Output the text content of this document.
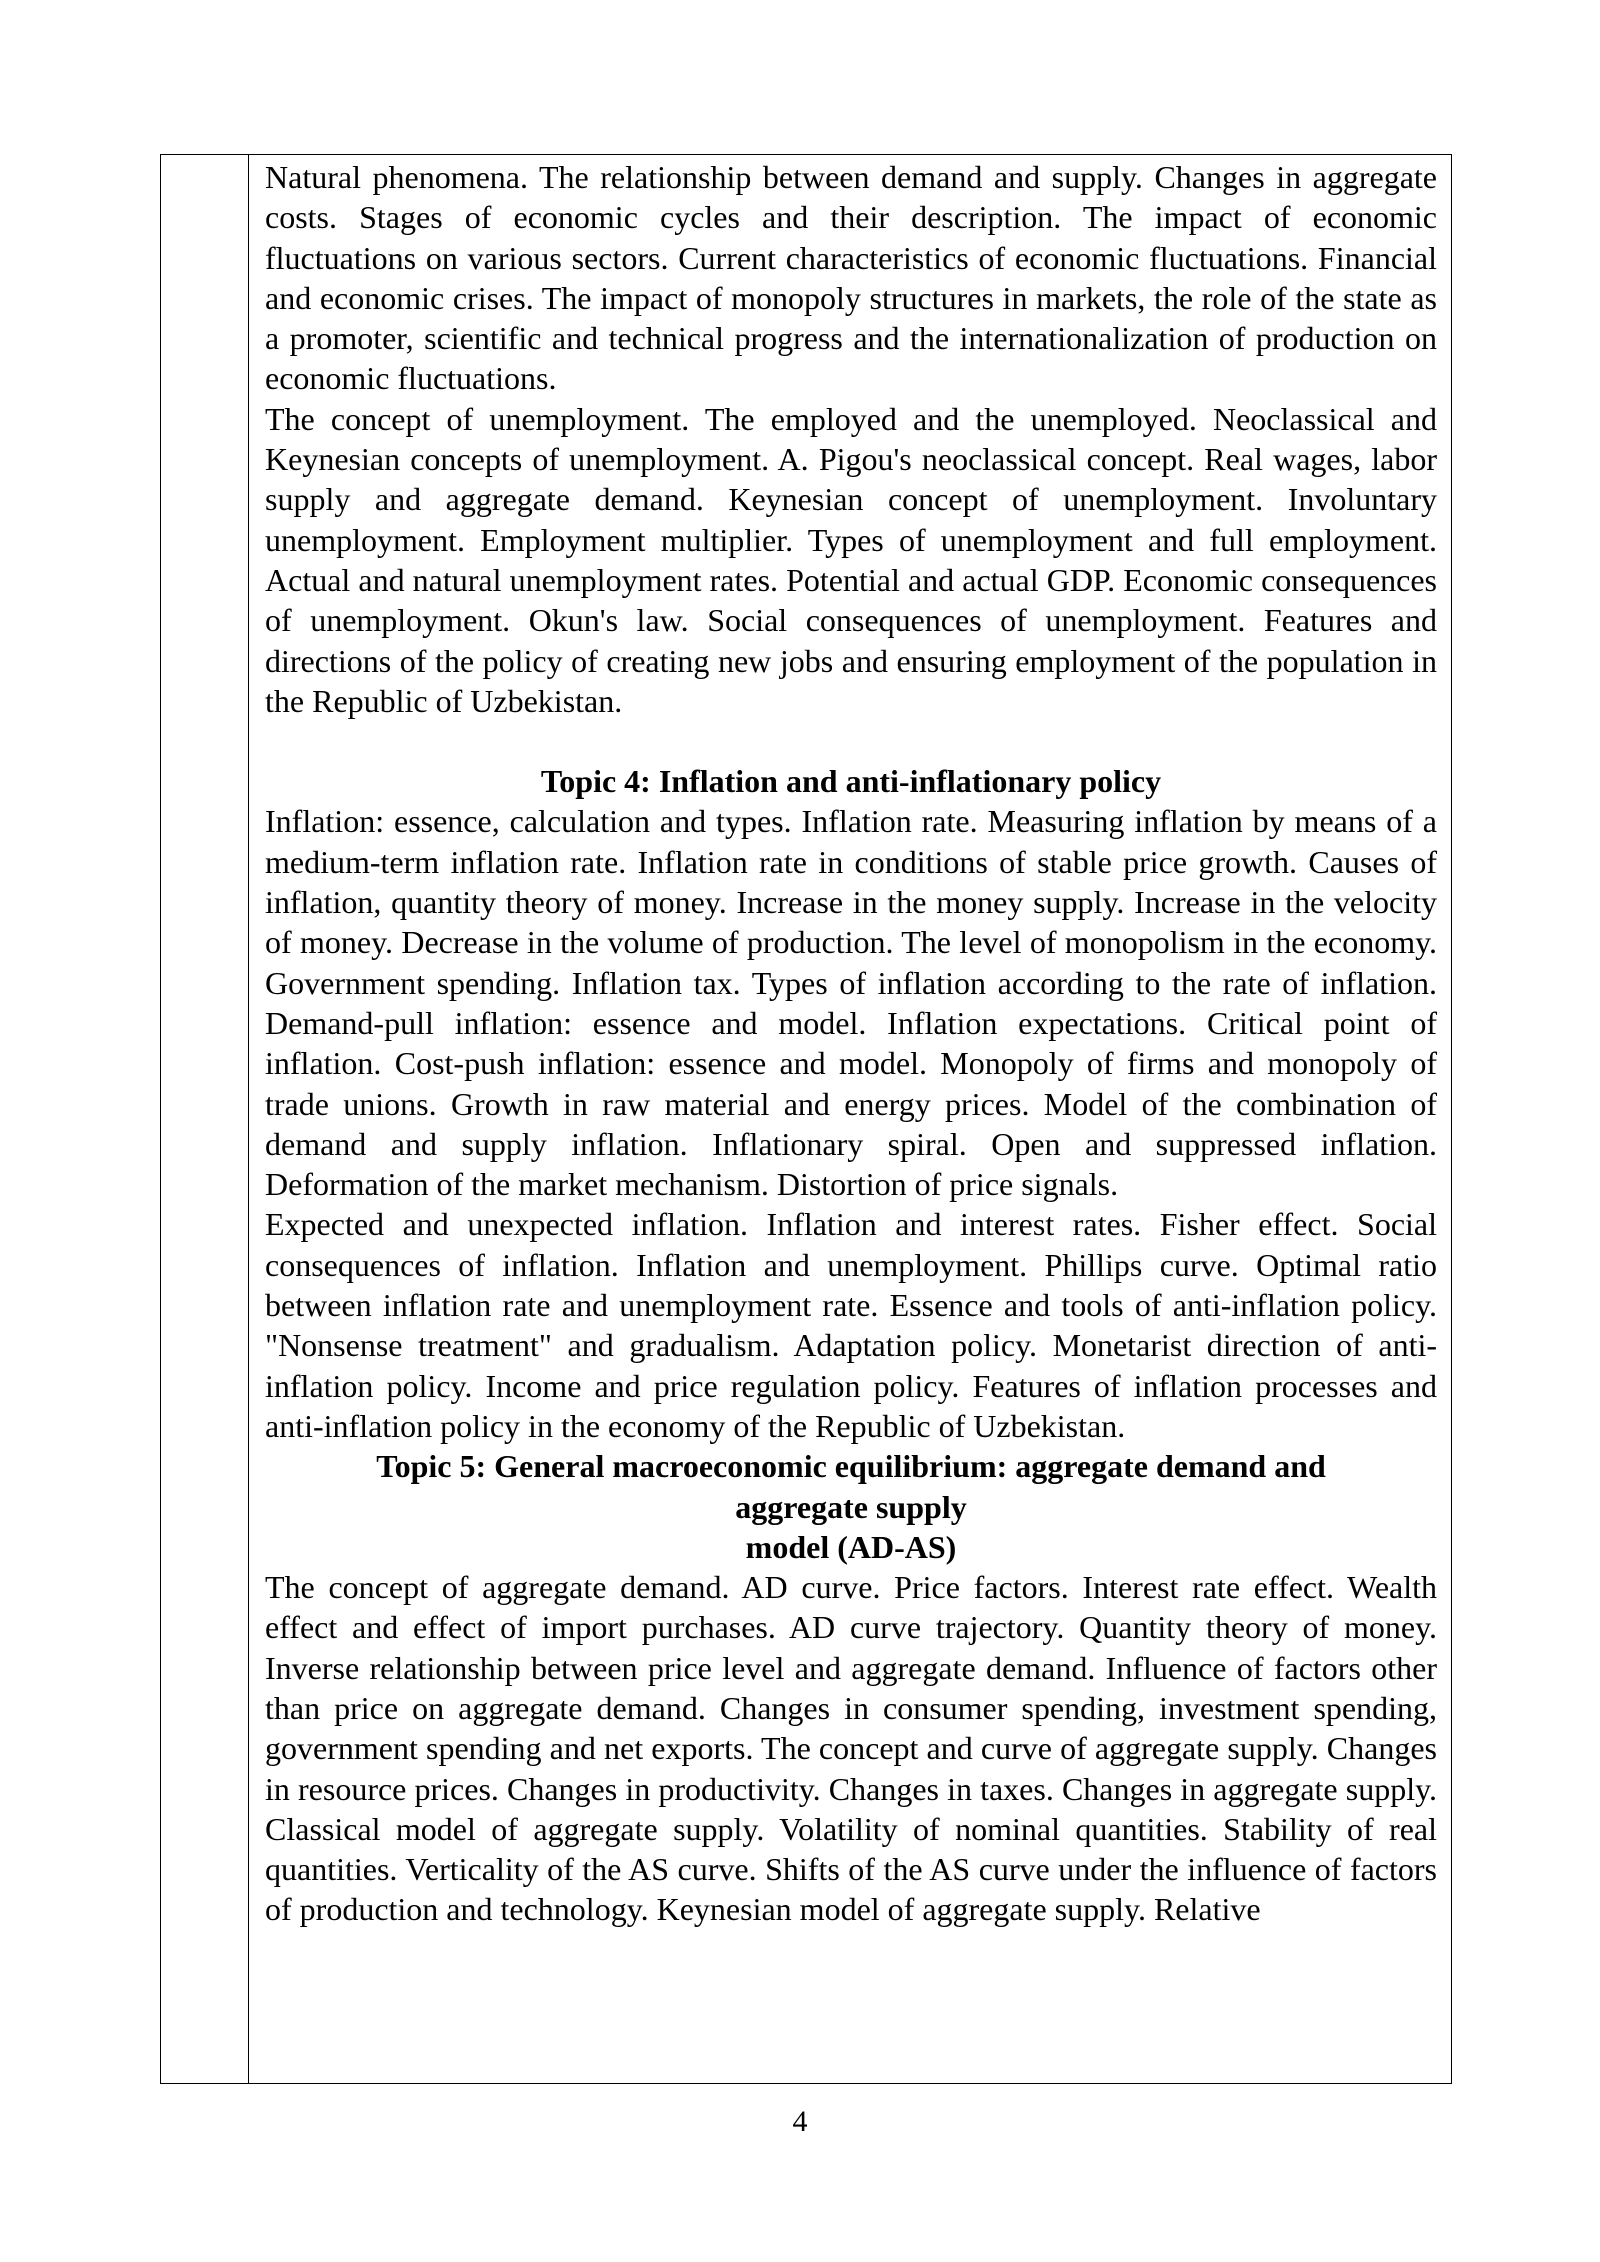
Natural phenomena. The relationship between demand and supply. Changes in aggregate costs. Stages of economic cycles and their description. The impact of economic fluctuations on various sectors. Current characteristics of economic fluctuations. Financial and economic crises. The impact of monopoly structures in markets, the role of the state as a promoter, scientific and technical progress and the internationalization of production on economic fluctuations.

The concept of unemployment. The employed and the unemployed. Neoclassical and Keynesian concepts of unemployment. A. Pigou's neoclassical concept. Real wages, labor supply and aggregate demand. Keynesian concept of unemployment. Involuntary unemployment. Employment multiplier. Types of unemployment and full employment. Actual and natural unemployment rates. Potential and actual GDP. Economic consequences of unemployment. Okun's law. Social consequences of unemployment. Features and directions of the policy of creating new jobs and ensuring employment of the population in the Republic of Uzbekistan.

Topic 4: Inflation and anti-inflationary policy

Inflation: essence, calculation and types. Inflation rate. Measuring inflation by means of a medium-term inflation rate. Inflation rate in conditions of stable price growth. Causes of inflation, quantity theory of money. Increase in the money supply. Increase in the velocity of money. Decrease in the volume of production. The level of monopolism in the economy. Government spending. Inflation tax. Types of inflation according to the rate of inflation. Demand-pull inflation: essence and model. Inflation expectations. Critical point of inflation. Cost-push inflation: essence and model. Monopoly of firms and monopoly of trade unions. Growth in raw material and energy prices. Model of the combination of demand and supply inflation. Inflationary spiral. Open and suppressed inflation. Deformation of the market mechanism. Distortion of price signals.

Expected and unexpected inflation. Inflation and interest rates. Fisher effect. Social consequences of inflation. Inflation and unemployment. Phillips curve. Optimal ratio between inflation rate and unemployment rate. Essence and tools of anti-inflation policy. "Nonsense treatment" and gradualism. Adaptation policy. Monetarist direction of anti-inflation policy. Income and price regulation policy. Features of inflation processes and anti-inflation policy in the economy of the Republic of Uzbekistan.

Topic 5: General macroeconomic equilibrium: aggregate demand and
aggregate supply
model (AD-AS)

The concept of aggregate demand. AD curve. Price factors. Interest rate effect. Wealth effect and effect of import purchases. AD curve trajectory. Quantity theory of money. Inverse relationship between price level and aggregate demand. Influence of factors other than price on aggregate demand. Changes in consumer spending, investment spending, government spending and net exports. The concept and curve of aggregate supply. Changes in resource prices. Changes in productivity. Changes in taxes. Changes in aggregate supply. Classical model of aggregate supply. Volatility of nominal quantities. Stability of real quantities. Verticality of the AS curve. Shifts of the AS curve under the influence of factors of production and technology. Keynesian model of aggregate supply. Relative

4
